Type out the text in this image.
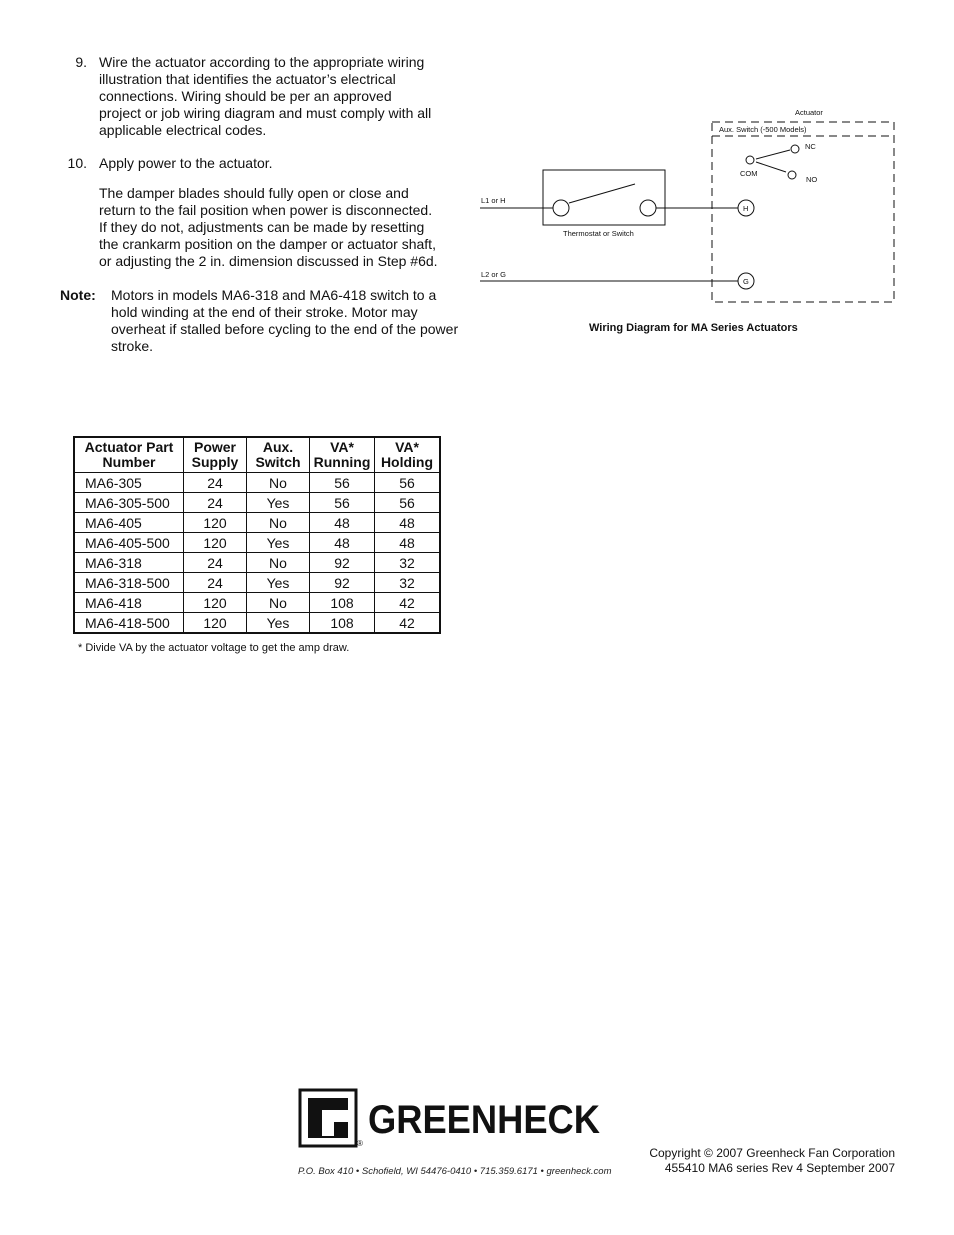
9. Wire the actuator according to the appropriate wiring
illustration that identifies the actuator’s electrical
connections. Wiring should be per an approved
project or job wiring diagram and must comply with all
applicable electrical codes.
10. Apply power to the actuator.
The damper blades should fully open or close and
return to the fail position when power is disconnected.
If they do not, adjustments can be made by resetting
the crankarm position on the damper or actuator shaft,
or adjusting the 2 in. dimension discussed in Step #6d.
Note: Motors in models MA6-318 and MA6-418 switch to a hold winding at the end of their stroke. Motor may overheat if stalled before cycling to the end of the power stroke.
Actuator
Aux. Switch (-500 Models)
NC
COM
NO
L1 or H
L2 or G
H
G
Thermostat or Switch
Wiring Diagram for MA Series Actuators
Actuator Part Number	Power Supply	Aux. Switch	VA* Running	VA* Holding
MA6-305	24	No	56	56
MA6-305-500	24	Yes	56	56
MA6-405	120	No	48	48
MA6-405-500	120	Yes	48	48
MA6-318	24	No	92	32
MA6-318-500	24	Yes	92	32
MA6-418	120	No	108	42
MA6-418-500	120	Yes	108	42
* Divide VA by the actuator voltage to get the amp draw.
®
GREENHECK
P.O. Box 410 • Schofield, WI 54476-0410 • 715.359.6171 • greenheck.com
Copyright © 2007 Greenheck Fan Corporation
455410 MA6 series Rev 4 September 2007
